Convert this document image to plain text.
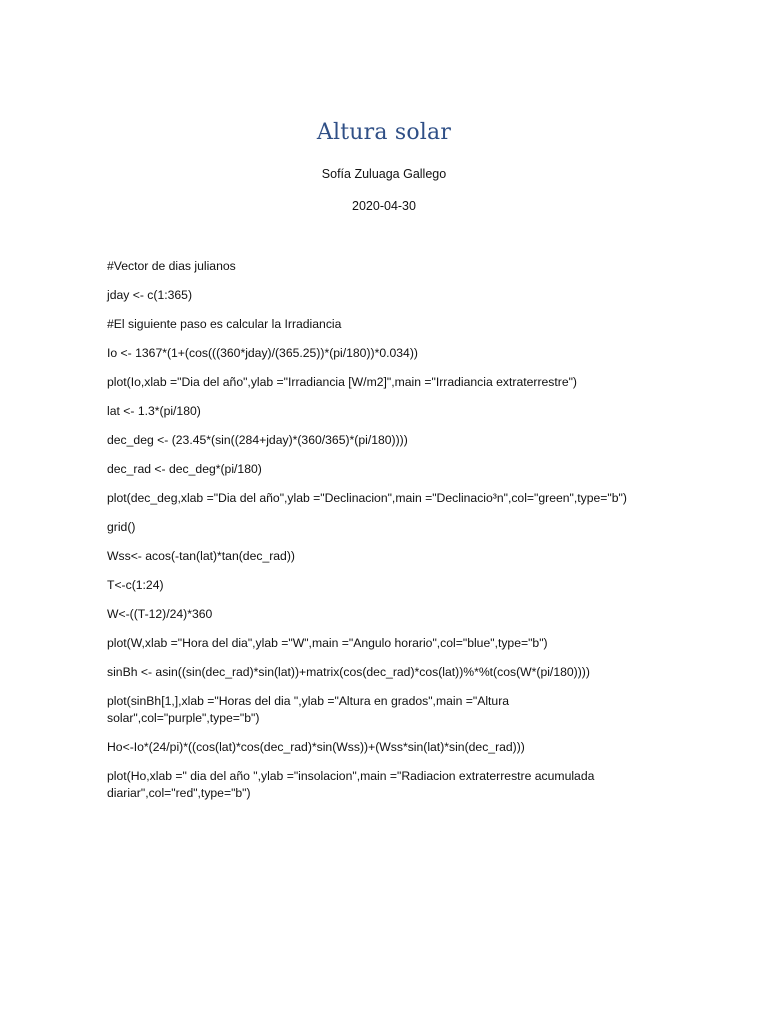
Altura solar
Sofía Zuluaga Gallego
2020-04-30

#Vector de dias julianos

jday <- c(1:365)

#El siguiente paso es calcular la Irradiancia

Io <- 1367*(1+(cos(((360*jday)/(365.25))*(pi/180))*0.034))

plot(Io,xlab ="Dia del año",ylab ="Irradiancia [W/m2]",main ="Irradiancia extraterrestre")

lat <- 1.3*(pi/180)

dec_deg <- (23.45*(sin((284+jday)*(360/365)*(pi/180))))

dec_rad <- dec_deg*(pi/180)

plot(dec_deg,xlab ="Dia del año",ylab ="Declinacion",main ="Declinacio³n",col="green",type="b")

grid()

Wss<- acos(-tan(lat)*tan(dec_rad))

T<-c(1:24)

W<-((T-12)/24)*360

plot(W,xlab ="Hora del dia",ylab ="W",main ="Angulo horario",col="blue",type="b")

sinBh <- asin((sin(dec_rad)*sin(lat))+matrix(cos(dec_rad)*cos(lat))%*%t(cos(W*(pi/180))))

plot(sinBh[1,],xlab ="Horas del dia ",ylab ="Altura en grados",main ="Altura
solar",col="purple",type="b")

Ho<-Io*(24/pi)*((cos(lat)*cos(dec_rad)*sin(Wss))+(Wss*sin(lat)*sin(dec_rad)))

plot(Ho,xlab =" dia del año ",ylab ="insolacion",main ="Radiacion extraterrestre acumulada
diariar",col="red",type="b")
